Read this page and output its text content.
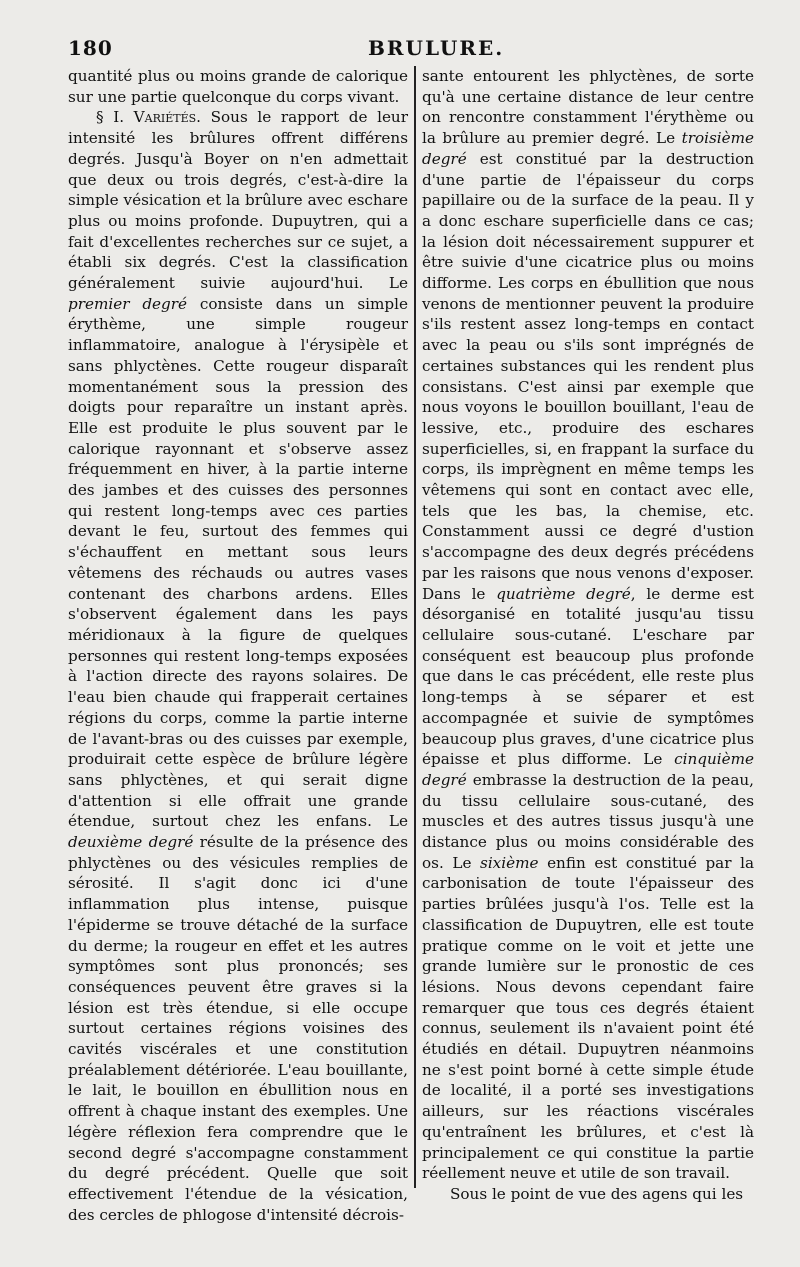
180	BRULURE.

quantité plus ou moins grande de calorique sur une partie quelconque du corps vivant.

§ I. Variétés. Sous le rapport de leur intensité les brûlures offrent différens degrés. Jusqu'à Boyer on n'en admettait que deux ou trois degrés, c'est-à-dire la simple vésication et la brûlure avec eschare plus ou moins profonde. Dupuytren, qui a fait d'excellentes recherches sur ce sujet, a établi six degrés. C'est la classification généralement suivie aujourd'hui. Le premier degré consiste dans un simple érythème, une simple rougeur inflammatoire, analogue à l'érysipèle et sans phlyctènes. Cette rougeur disparaît momentanément sous la pression des doigts pour reparaître un instant après. Elle est produite le plus souvent par le calorique rayonnant et s'observe assez fréquemment en hiver, à la partie interne des jambes et des cuisses des personnes qui restent long-temps avec ces parties devant le feu, surtout des femmes qui s'échauffent en mettant sous leurs vêtemens des réchauds ou autres vases contenant des charbons ardens. Elles s'observent également dans les pays méridionaux à la figure de quelques personnes qui restent long-temps exposées à l'action directe des rayons solaires. De l'eau bien chaude qui frapperait certaines régions du corps, comme la partie interne de l'avant-bras ou des cuisses par exemple, produirait cette espèce de brûlure légère sans phlyctènes, et qui serait digne d'attention si elle offrait une grande étendue, surtout chez les enfans. Le deuxième degré résulte de la présence des phlyctènes ou des vésicules remplies de sérosité. Il s'agit donc ici d'une inflammation plus intense, puisque l'épiderme se trouve détaché de la surface du derme; la rougeur en effet et les autres symptômes sont plus prononcés; ses conséquences peuvent être graves si la lésion est très étendue, si elle occupe surtout certaines régions voisines des cavités viscérales et une constitution préalablement détériorée. L'eau bouillante, le lait, le bouillon en ébullition nous en offrent à chaque instant des exemples. Une légère réflexion fera comprendre que le second degré s'accompagne constamment du degré précédent. Quelle que soit effectivement l'étendue de la vésication, des cercles de phlogose d'intensité décrois-

sante entourent les phlyctènes, de sorte qu'à une certaine distance de leur centre on rencontre constamment l'érythème ou la brûlure au premier degré. Le troisième degré est constitué par la destruction d'une partie de l'épaisseur du corps papillaire ou de la surface de la peau. Il y a donc eschare superficielle dans ce cas; la lésion doit nécessairement suppurer et être suivie d'une cicatrice plus ou moins difforme. Les corps en ébullition que nous venons de mentionner peuvent la produire s'ils restent assez long-temps en contact avec la peau ou s'ils sont imprégnés de certaines substances qui les rendent plus consistans. C'est ainsi par exemple que nous voyons le bouillon bouillant, l'eau de lessive, etc., produire des eschares superficielles, si, en frappant la surface du corps, ils imprègnent en même temps les vêtemens qui sont en contact avec elle, tels que les bas, la chemise, etc. Constamment aussi ce degré d'ustion s'accompagne des deux degrés précédens par les raisons que nous venons d'exposer. Dans le quatrième degré, le derme est désorganisé en totalité jusqu'au tissu cellulaire sous-cutané. L'eschare par conséquent est beaucoup plus profonde que dans le cas précédent, elle reste plus long-temps à se séparer et est accompagnée et suivie de symptômes beaucoup plus graves, d'une cicatrice plus épaisse et plus difforme. Le cinquième degré embrasse la destruction de la peau, du tissu cellulaire sous-cutané, des muscles et des autres tissus jusqu'à une distance plus ou moins considérable des os. Le sixième enfin est constitué par la carbonisation de toute l'épaisseur des parties brûlées jusqu'à l'os. Telle est la classification de Dupuytren, elle est toute pratique comme on le voit et jette une grande lumière sur le pronostic de ces lésions. Nous devons cependant faire remarquer que tous ces degrés étaient connus, seulement ils n'avaient point été étudiés en détail. Dupuytren néanmoins ne s'est point borné à cette simple étude de localité, il a porté ses investigations ailleurs, sur les réactions viscérales qu'entraînent les brûlures, et c'est là principalement ce qui constitue la partie réellement neuve et utile de son travail.

Sous le point de vue des agens qui les
